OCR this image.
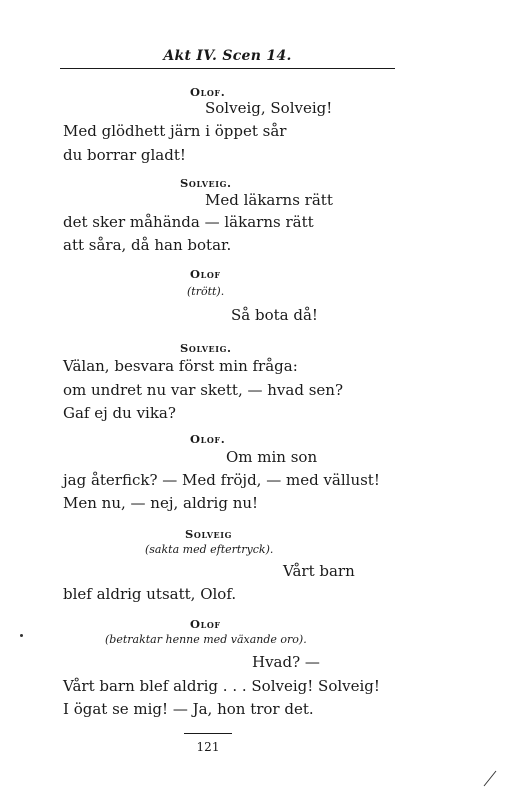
Akt IV. Scen 14.
Olof.
Solveig, Solveig!
Med glödhett järn i öppet sår
du borrar gladt!
Solveig.
Med läkarns rätt
det sker måhända — läkarns rätt
att såra, då han botar.
Olof
(trött).
Så bota då!
Solveig.
Välan, besvara först min fråga:
om undret nu var skett, — hvad sen?
Gaf ej du vika?
Olof.
Om min son
jag återfick? — Med fröjd, — med vällust!
Men nu, — nej, aldrig nu!
Solveig
(sakta med eftertryck).
Vårt barn
blef aldrig utsatt, Olof.
Olof
(betraktar henne med växande oro).
Hvad? —
Vårt barn blef aldrig . . . Solveig! Solveig!
I ögat se mig! — Ja, hon tror det.
121
